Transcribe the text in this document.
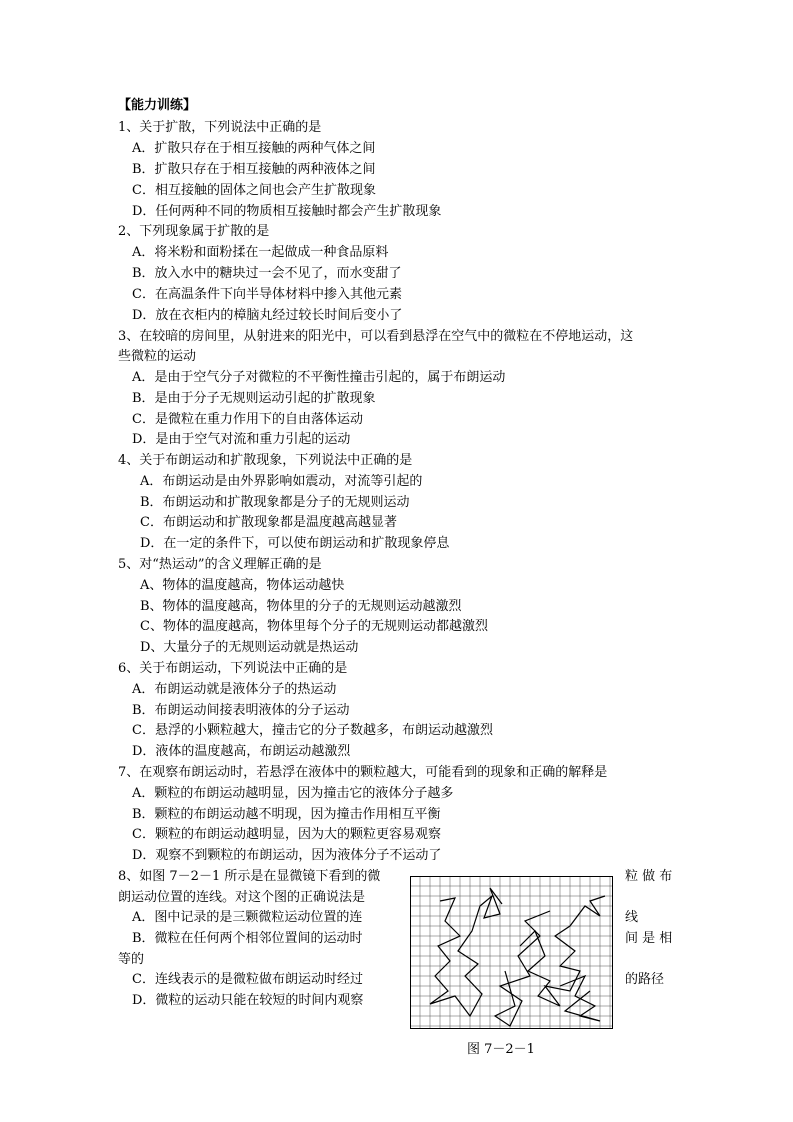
【能力训练】
1、关于扩散，下列说法中正确的是
A．扩散只存在于相互接触的两种气体之间
B．扩散只存在于相互接触的两种液体之间
C．相互接触的固体之间也会产生扩散现象
D．任何两种不同的物质相互接触时都会产生扩散现象
2、下列现象属于扩散的是
A．将米粉和面粉揉在一起做成一种食品原料
B．放入水中的糖块过一会不见了，而水变甜了
C．在高温条件下向半导体材料中掺入其他元素
D．放在衣柜内的樟脑丸经过较长时间后变小了
3、在较暗的房间里，从射进来的阳光中，可以看到悬浮在空气中的微粒在不停地运动，这
些微粒的运动
A．是由于空气分子对微粒的不平衡性撞击引起的，属于布朗运动
B．是由于分子无规则运动引起的扩散现象
C．是微粒在重力作用下的自由落体运动
D．是由于空气对流和重力引起的运动
4、关于布朗运动和扩散现象，下列说法中正确的是
A．布朗运动是由外界影响如震动，对流等引起的
B．布朗运动和扩散现象都是分子的无规则运动
C．布朗运动和扩散现象都是温度越高越显著
D．在一定的条件下，可以使布朗运动和扩散现象停息
5、对“热运动”的含义理解正确的是
A、物体的温度越高，物体运动越快
B、物体的温度越高，物体里的分子的无规则运动越激烈
C、物体的温度越高，物体里每个分子的无规则运动都越激烈
D、大量分子的无规则运动就是热运动
6、关于布朗运动，下列说法中正确的是
A．布朗运动就是液体分子的热运动
B．布朗运动间接表明液体的分子运动
C．悬浮的小颗粒越大，撞击它的分子数越多，布朗运动越激烈
D．液体的温度越高，布朗运动越激烈
7、在观察布朗运动时，若悬浮在液体中的颗粒越大，可能看到的现象和正确的解释是
A．颗粒的布朗运动越明显，因为撞击它的液体分子越多
B．颗粒的布朗运动越不明现，因为撞击作用相互平衡
C．颗粒的布朗运动越明显，因为大的颗粒更容易观察
D．观察不到颗粒的布朗运动，因为液体分子不运动了
8、如图 7－2－1 所示是在显微镜下看到的微	粒 做 布
朗运动位置的连线。对这个图的正确说法是
A．图中记录的是三颗微粒运动位置的连	线
B．微粒在任何两个相邻位置间的运动时	间 是 相
等的
C．连线表示的是微粒做布朗运动时经过	的路径
D．微粒的运动只能在较短的时间内观察
图 7－2－1
